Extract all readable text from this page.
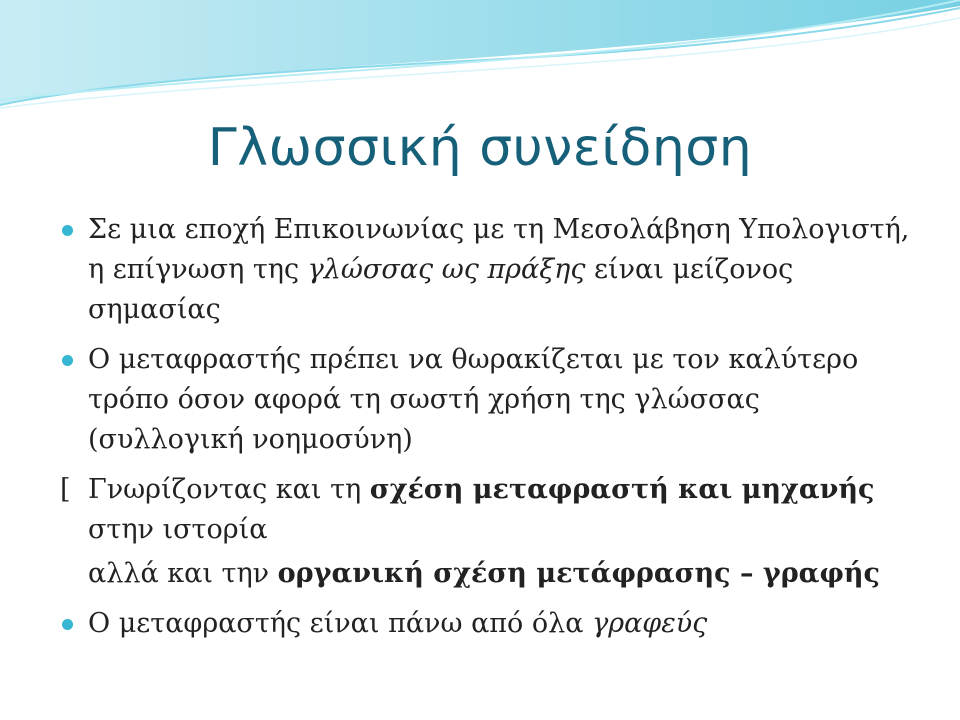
Γλωσσική συνείδηση
Σε μια εποχή Επικοινωνίας με τη Μεσολάβηση Υπολογιστή, η επίγνωση της γλώσσας ως πράξης είναι μείζονος σημασίας
Ο μεταφραστής πρέπει να θωρακίζεται με τον καλύτερο τρόπο όσον αφορά τη σωστή χρήση της γλώσσας (συλλογική νοημοσύνη)
[ Γνωρίζοντας και τη σχέση μεταφραστή και μηχανής στην ιστορία
αλλά και την οργανική σχέση μετάφρασης – γραφής
Ο μεταφραστής είναι πάνω από όλα γραφεύς
